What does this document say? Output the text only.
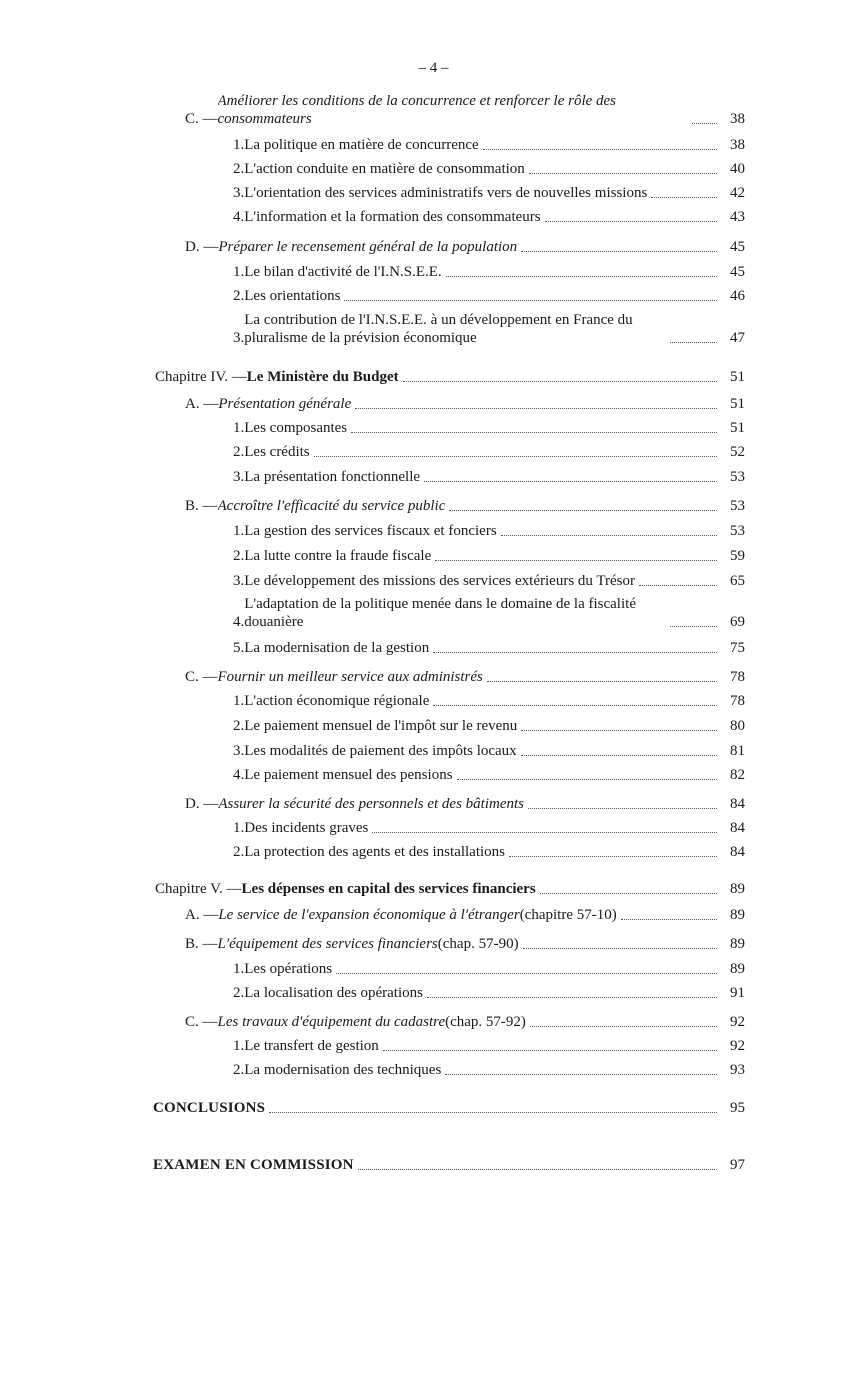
– 4 –
C. —
Améliorer les conditions de la concurrence et renforcer le rôle des consommateurs	38
1. La politique en matière de concurrence	38
2. L'action conduite en matière de consommation	40
3. L'orientation des services administratifs vers de nouvelles missions	42
4. L'information et la formation des consommateurs	43
D. — Préparer le recensement général de la population	45
1. Le bilan d'activité de l'I.N.S.E.E.	45
2. Les orientations	46
3.
La contribution de l'I.N.S.E.E. à un développement en France du pluralisme de la prévision économique	47
Chapitre IV. — Le Ministère du Budget	51
A. — Présentation générale	51
1. Les composantes	51
2. Les crédits	52
3. La présentation fonctionnelle	53
B. — Accroître l'efficacité du service public	53
1. La gestion des services fiscaux et fonciers	53
2. La lutte contre la fraude fiscale	59
3. Le développement des missions des services extérieurs du Trésor	65
4.
L'adaptation de la politique menée dans le domaine de la fiscalité douanière	69
5. La modernisation de la gestion	75
C. — Fournir un meilleur service aux administrés	78
1. L'action économique régionale	78
2. Le paiement mensuel de l'impôt sur le revenu	80
3. Les modalités de paiement des impôts locaux	81
4. Le paiement mensuel des pensions	82
D. — Assurer la sécurité des personnels et des bâtiments	84
1. Des incidents graves	84
2. La protection des agents et des installations	84
Chapitre V. — Les dépenses en capital des services financiers	89
A. — Le service de l'expansion économique à l'étranger (chapitre 57-10)	89
B. — L'équipement des services financiers (chap. 57-90)	89
1. Les opérations	89
2. La localisation des opérations	91
C. — Les travaux d'équipement du cadastre (chap. 57-92)	92
1. Le transfert de gestion	92
2. La modernisation des techniques	93
CONCLUSIONS	95
EXAMEN EN COMMISSION	97
